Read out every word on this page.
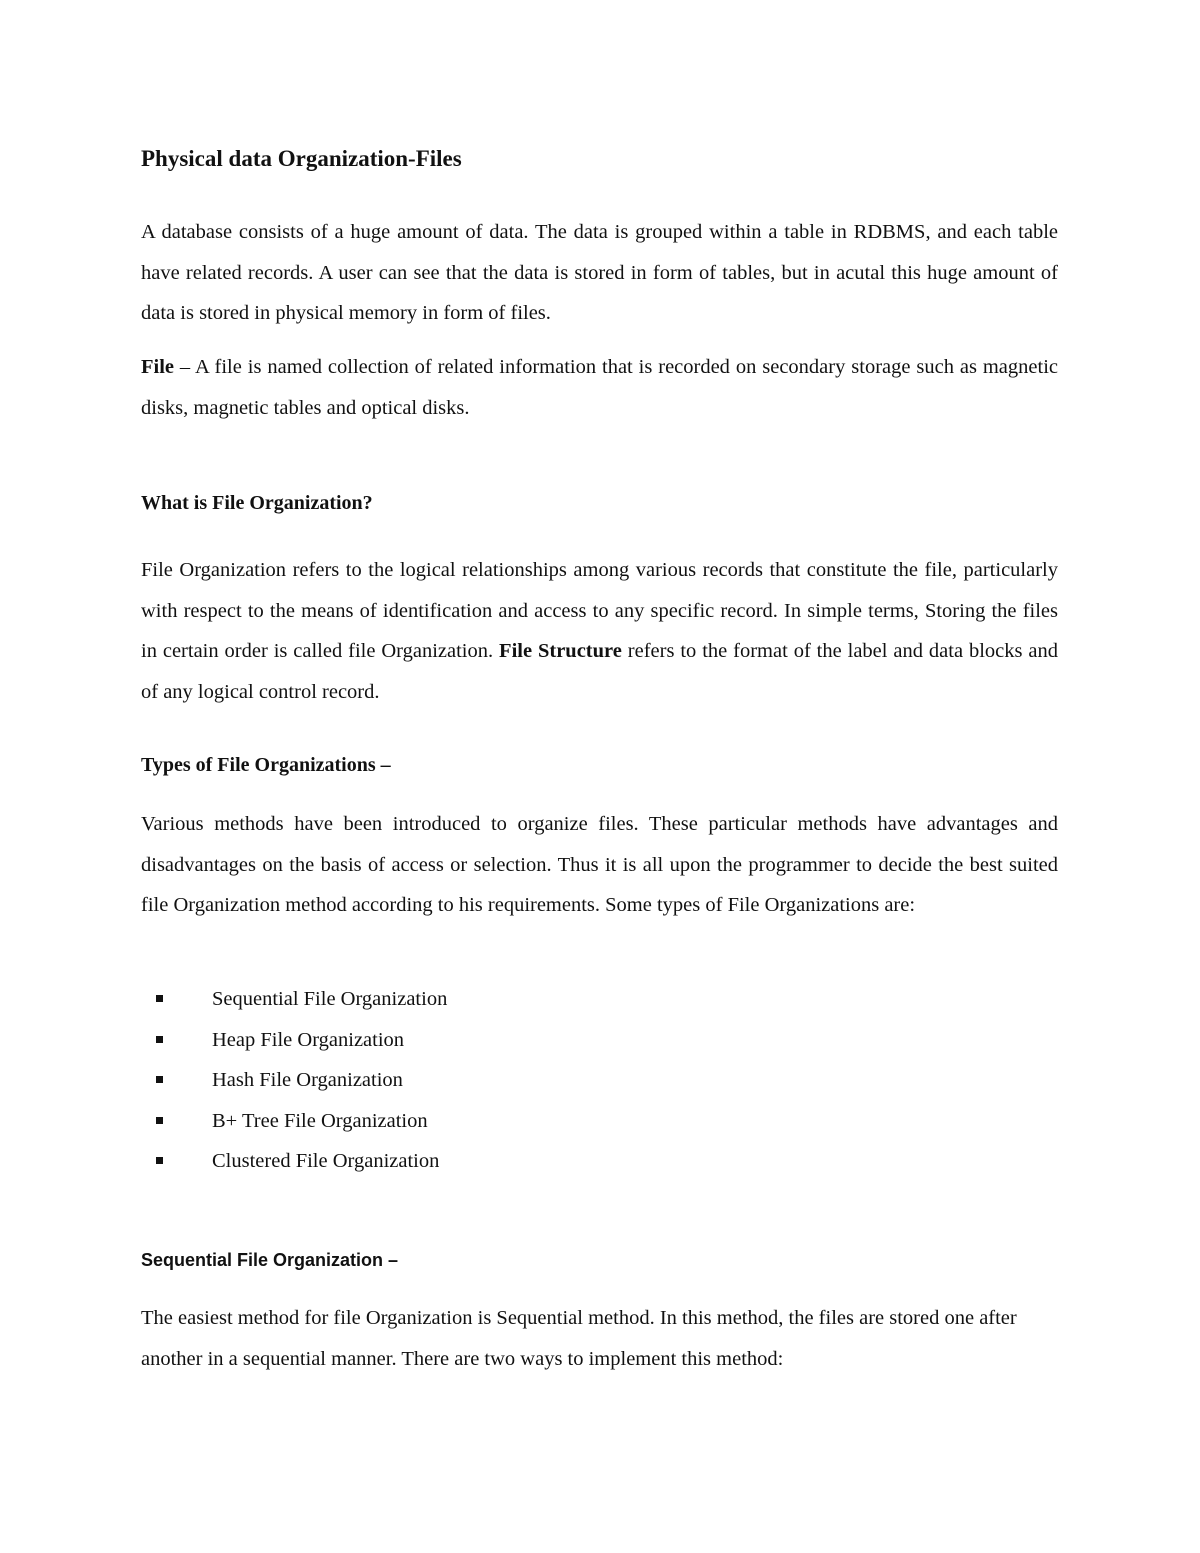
Physical data Organization-Files

A database consists of a huge amount of data. The data is grouped within a table in RDBMS, and each table have related records. A user can see that the data is stored in form of tables, but in acutal this huge amount of data is stored in physical memory in form of files.

File – A file is named collection of related information that is recorded on secondary storage such as magnetic disks, magnetic tables and optical disks.

What is File Organization?

File Organization refers to the logical relationships among various records that constitute the file, particularly with respect to the means of identification and access to any specific record. In simple terms, Storing the files in certain order is called file Organization. File Structure refers to the format of the label and data blocks and of any logical control record.

Types of File Organizations –

Various methods have been introduced to organize files. These particular methods have advantages and disadvantages on the basis of access or selection. Thus it is all upon the programmer to decide the best suited file Organization method according to his requirements. Some types of File Organizations are:

Sequential File Organization
Heap File Organization
Hash File Organization
B+ Tree File Organization
Clustered File Organization
Sequential File Organization –

The easiest method for file Organization is Sequential method. In this method, the files are stored one after another in a sequential manner. There are two ways to implement this method:
